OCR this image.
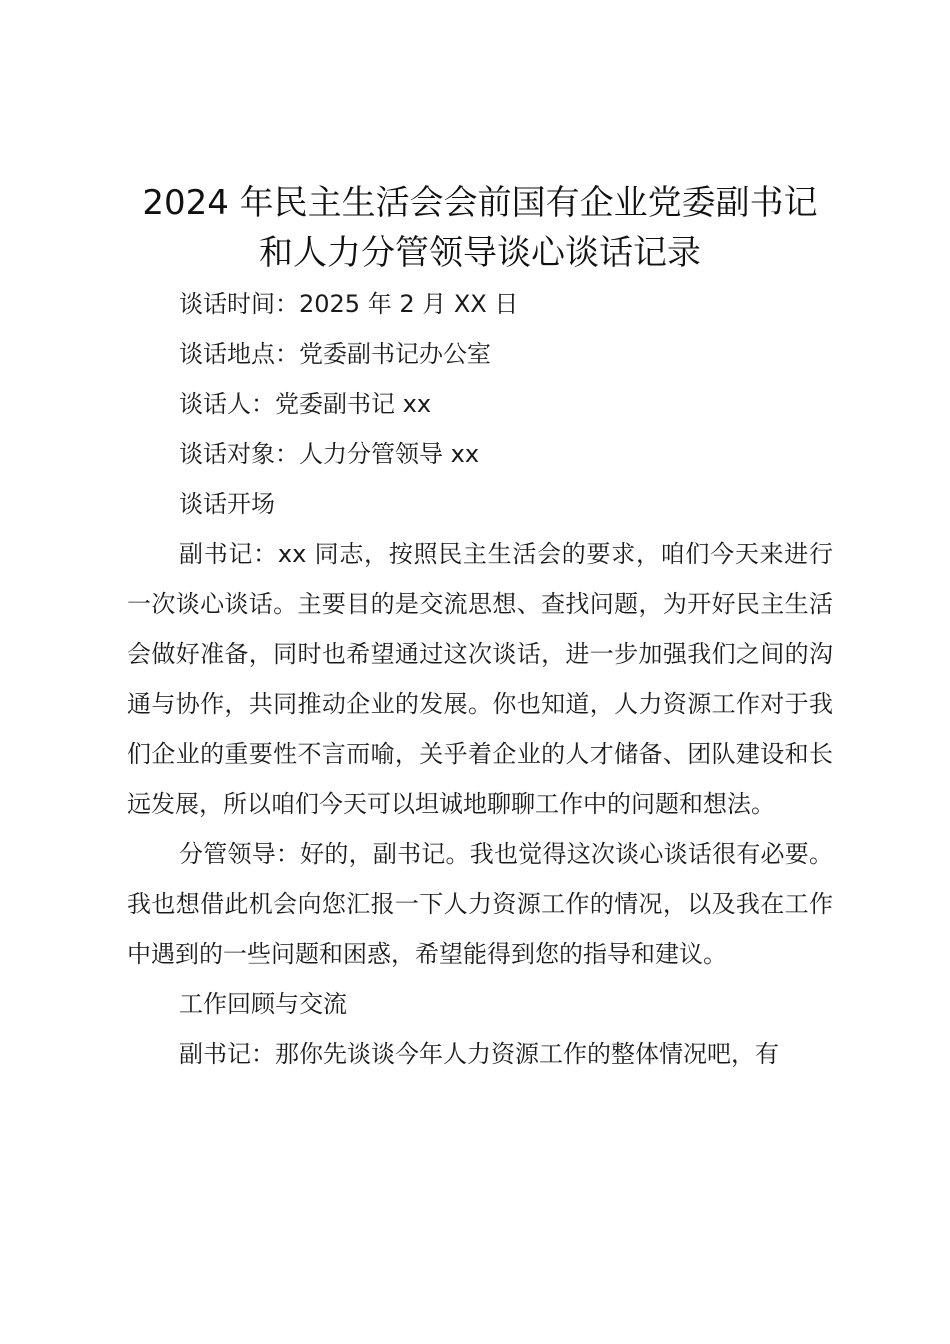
2024 年民主生活会会前国有企业党委副书记
和人力分管领导谈心谈话记录

谈话时间：2025 年 2 月 XX 日

谈话地点：党委副书记办公室

谈话人：党委副书记 xx

谈话对象：人力分管领导 xx

谈话开场

副书记：xx 同志，按照民主生活会的要求，咱们今天来进行一次谈心谈话。主要目的是交流思想、查找问题，为开好民主生活会做好准备，同时也希望通过这次谈话，进一步加强我们之间的沟通与协作，共同推动企业的发展。你也知道，人力资源工作对于我们企业的重要性不言而喻，关乎着企业的人才储备、团队建设和长远发展，所以咱们今天可以坦诚地聊聊工作中的问题和想法。

分管领导：好的，副书记。我也觉得这次谈心谈话很有必要。我也想借此机会向您汇报一下人力资源工作的情况，以及我在工作中遇到的一些问题和困惑，希望能得到您的指导和建议。

工作回顾与交流

副书记：那你先谈谈今年人力资源工作的整体情况吧，有
